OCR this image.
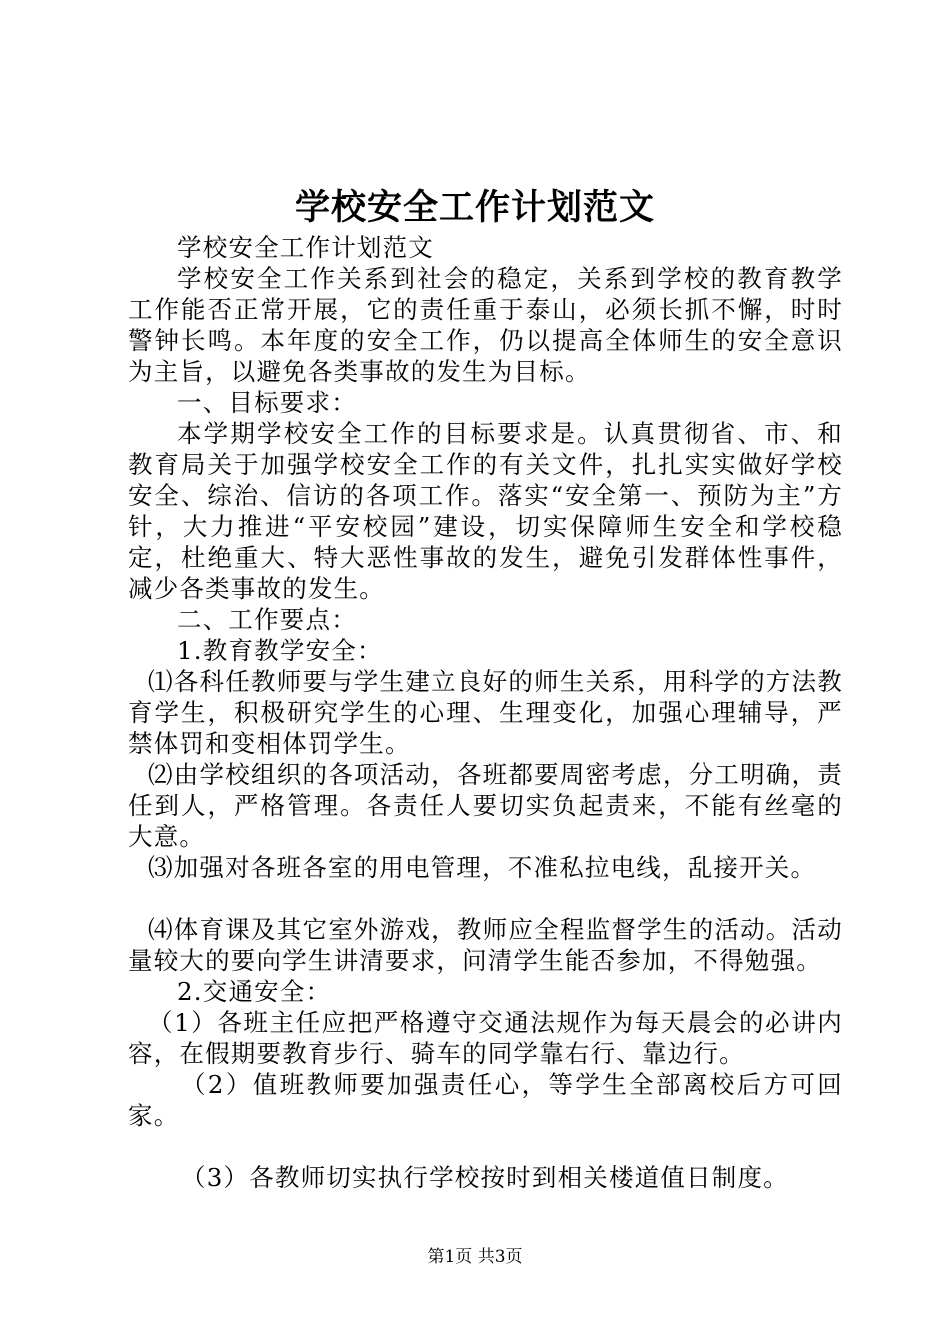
学校安全工作计划范文

学校安全工作计划范文

学校安全工作关系到社会的稳定，关系到学校的教育教学工作能否正常开展，它的责任重于泰山，必须长抓不懈，时时警钟长鸣。本年度的安全工作，仍以提高全体师生的安全意识为主旨，以避免各类事故的发生为目标。

一、目标要求：

本学期学校安全工作的目标要求是。认真贯彻省、市、和教育局关于加强学校安全工作的有关文件，扎扎实实做好学校安全、综治、信访的各项工作。落实“安全第一、预防为主”方针，大力推进“平安校园”建设，切实保障师生安全和学校稳定，杜绝重大、特大恶性事故的发生，避免引发群体性事件，减少各类事故的发生。

二、工作要点：

1.教育教学安全：

⑴各科任教师要与学生建立良好的师生关系，用科学的方法教育学生，积极研究学生的心理、生理变化，加强心理辅导，严禁体罚和变相体罚学生。

⑵由学校组织的各项活动，各班都要周密考虑，分工明确，责任到人，严格管理。各责任人要切实负起责来，不能有丝毫的大意。

⑶加强对各班各室的用电管理，不准私拉电线，乱接开关。

⑷体育课及其它室外游戏，教师应全程监督学生的活动。活动量较大的要向学生讲清要求，问清学生能否参加，不得勉强。

2.交通安全：

（1）各班主任应把严格遵守交通法规作为每天晨会的必讲内容，在假期要教育步行、骑车的同学靠右行、靠边行。

（2）值班教师要加强责任心，等学生全部离校后方可回家。

（3）各教师切实执行学校按时到相关楼道值日制度。

第1页 共3页
